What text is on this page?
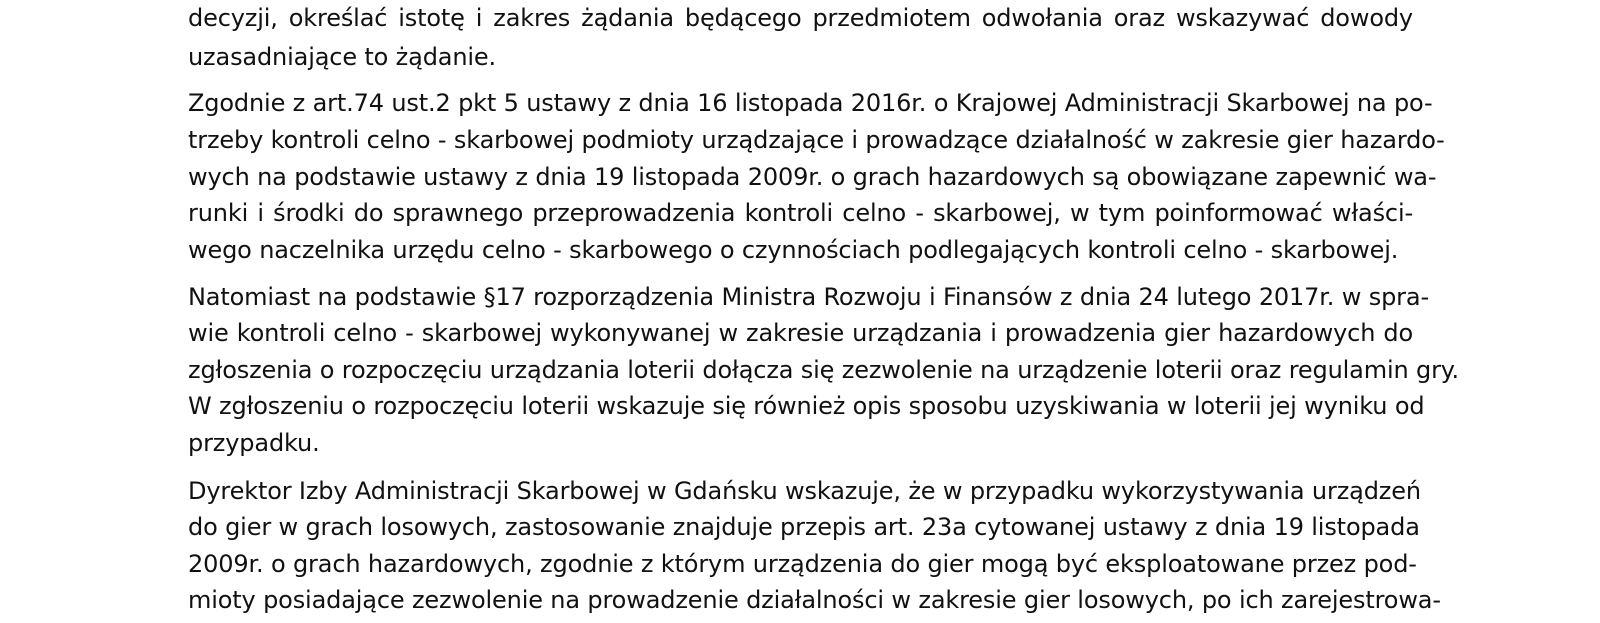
decyzji, określać istotę i zakres żądania będącego przedmiotem odwołania oraz wskazywać dowody
uzasadniające to żądanie.
Zgodnie z art.74 ust.2 pkt 5 ustawy z dnia 16 listopada 2016r. o Krajowej Administracji Skarbowej na po-
trzeby kontroli celno - skarbowej podmioty urządzające i prowadzące działalność w zakresie gier hazardo-
wych na podstawie ustawy z dnia 19 listopada 2009r. o grach hazardowych są obowiązane zapewnić wa-
runki i środki do sprawnego przeprowadzenia kontroli celno - skarbowej, w tym poinformować właści-
wego naczelnika urzędu celno - skarbowego o czynnościach podlegających kontroli celno - skarbowej.
Natomiast na podstawie §17 rozporządzenia Ministra Rozwoju i Finansów z dnia 24 lutego 2017r. w spra-
wie kontroli celno - skarbowej wykonywanej w zakresie urządzania i prowadzenia gier hazardowych do
zgłoszenia o rozpoczęciu urządzania loterii dołącza się zezwolenie na urządzenie loterii oraz regulamin gry.
W zgłoszeniu o rozpoczęciu loterii wskazuje się również opis sposobu uzyskiwania w loterii jej wyniku od
przypadku.
Dyrektor Izby Administracji Skarbowej w Gdańsku wskazuje, że w przypadku wykorzystywania urządzeń
do gier w grach losowych, zastosowanie znajduje przepis art. 23a cytowanej ustawy z dnia 19 listopada
2009r. o grach hazardowych, zgodnie z którym urządzenia do gier mogą być eksploatowane przez pod-
mioty posiadające zezwolenie na prowadzenie działalności w zakresie gier losowych, po ich zarejestrowa-
